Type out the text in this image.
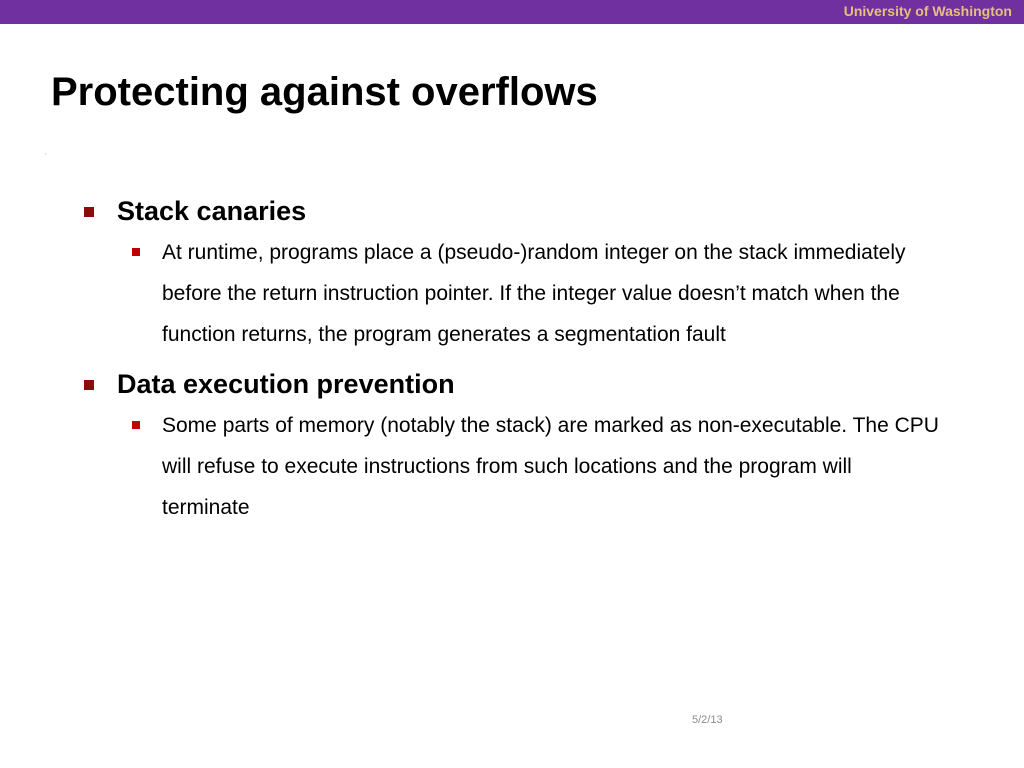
University of Washington
Protecting against overflows
,
Stack canaries
At runtime, programs place a (pseudo-)random integer on the stack immediately before the return instruction pointer. If the integer value doesn’t match when the function returns, the program generates a segmentation fault
Data execution prevention
Some parts of memory (notably the stack) are marked as non-executable. The CPU will refuse to execute instructions from such locations and the program will terminate
5/2/13
